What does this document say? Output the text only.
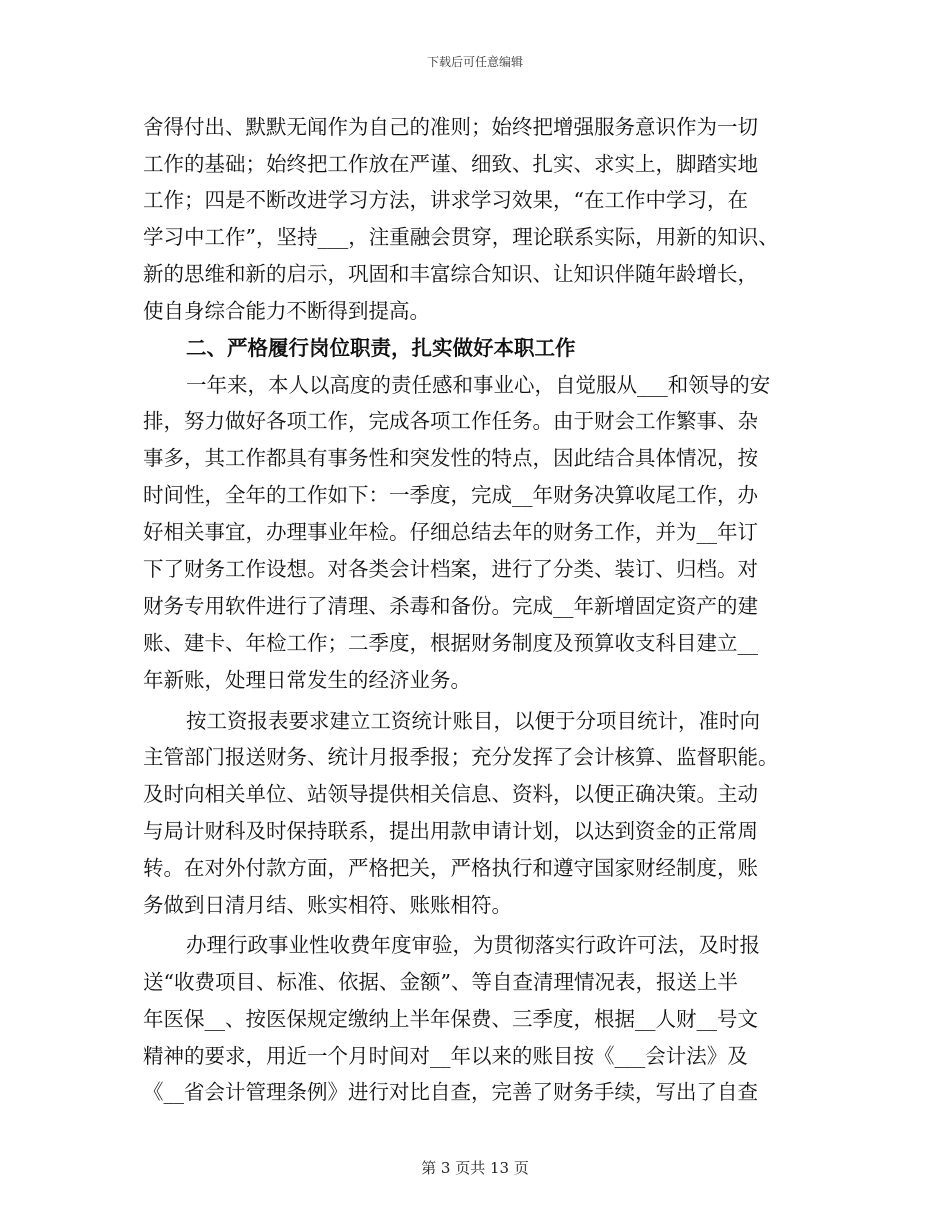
下载后可任意编辑
舍得付出、默默无闻作为自己的准则；始终把增强服务意识作为一切
工作的基础；始终把工作放在严谨、细致、扎实、求实上，脚踏实地
工作；四是不断改进学习方法，讲求学习效果，“在工作中学习，在
学习中工作”，坚持___，注重融会贯穿，理论联系实际，用新的知识、
新的思维和新的启示，巩固和丰富综合知识、让知识伴随年龄增长，
使自身综合能力不断得到提高。
二、严格履行岗位职责，扎实做好本职工作
一年来，本人以高度的责任感和事业心，自觉服从___和领导的安
排，努力做好各项工作，完成各项工作任务。由于财会工作繁事、杂
事多，其工作都具有事务性和突发性的特点，因此结合具体情况，按
时间性，全年的工作如下：一季度，完成__年财务决算收尾工作，办
好相关事宜，办理事业年检。仔细总结去年的财务工作，并为__年订
下了财务工作设想。对各类会计档案，进行了分类、装订、归档。对
财务专用软件进行了清理、杀毒和备份。完成__年新增固定资产的建
账、建卡、年检工作；二季度，根据财务制度及预算收支科目建立__
年新账，处理日常发生的经济业务。
按工资报表要求建立工资统计账目，以便于分项目统计，准时向
主管部门报送财务、统计月报季报；充分发挥了会计核算、监督职能。
及时向相关单位、站领导提供相关信息、资料，以便正确决策。主动
与局计财科及时保持联系，提出用款申请计划，以达到资金的正常周
转。在对外付款方面，严格把关，严格执行和遵守国家财经制度，账
务做到日清月结、账实相符、账账相符。
办理行政事业性收费年度审验，为贯彻落实行政许可法，及时报
送“收费项目、标准、依据、金额”、等自查清理情况表，报送上半
年医保__、按医保规定缴纳上半年保费、三季度，根据__人财__号文
精神的要求，用近一个月时间对__年以来的账目按《___会计法》及
《__省会计管理条例》进行对比自查，完善了财务手续，写出了自查
第 3 页共 13 页
